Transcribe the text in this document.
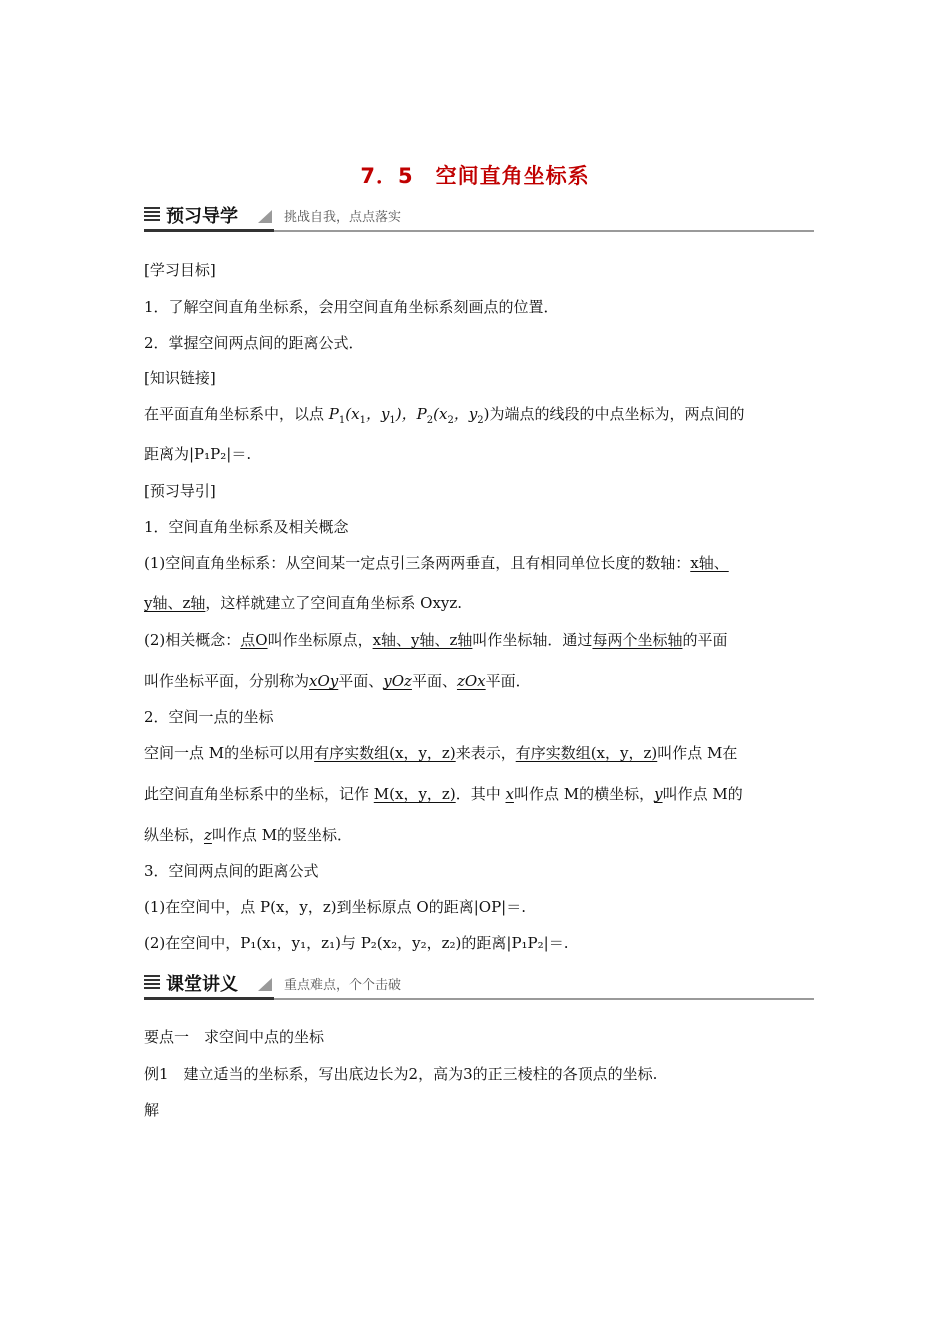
7．5　空间直角坐标系
预习导学	挑战自我，点点落实
[学习目标]
1．了解空间直角坐标系，会用空间直角坐标系刻画点的位置．
2．掌握空间两点间的距离公式．
[知识链接]
在平面直角坐标系中，以点 $P_1(x_1$，$y_1$)，$P_2(x_2$，$y_2$)为端点的线段的中点坐标为，两点间的
距离为|P₁P₂|＝.
[预习导引]
1．空间直角坐标系及相关概念
(1)空间直角坐标系：从空间某一定点引三条两两垂直，且有相同单位长度的数轴：x轴、
y轴、z轴，这样就建立了空间直角坐标系 Oxyz.
(2)相关概念：点O叫作坐标原点，x轴、y轴、z轴叫作坐标轴．通过每两个坐标轴的平面
叫作坐标平面，分别称为xOy平面、yOz平面、zOx平面．
2．空间一点的坐标
空间一点 M的坐标可以用有序实数组(x，y，z)来表示，有序实数组(x，y，z)叫作点 M在
此空间直角坐标系中的坐标，记作 M(x，y，z)．其中 x叫作点 M的横坐标，y叫作点 M的
纵坐标，z叫作点 M的竖坐标．
3．空间两点间的距离公式
(1)在空间中，点 P(x，y，z)到坐标原点 O的距离|OP|＝.
(2)在空间中，P₁(x₁，y₁，z₁)与 P₂(x₂，y₂，z₂)的距离|P₁P₂|＝.
课堂讲义	重点难点，个个击破
要点一　求空间中点的坐标
例1　建立适当的坐标系，写出底边长为2，高为3的正三棱柱的各顶点的坐标.
解
